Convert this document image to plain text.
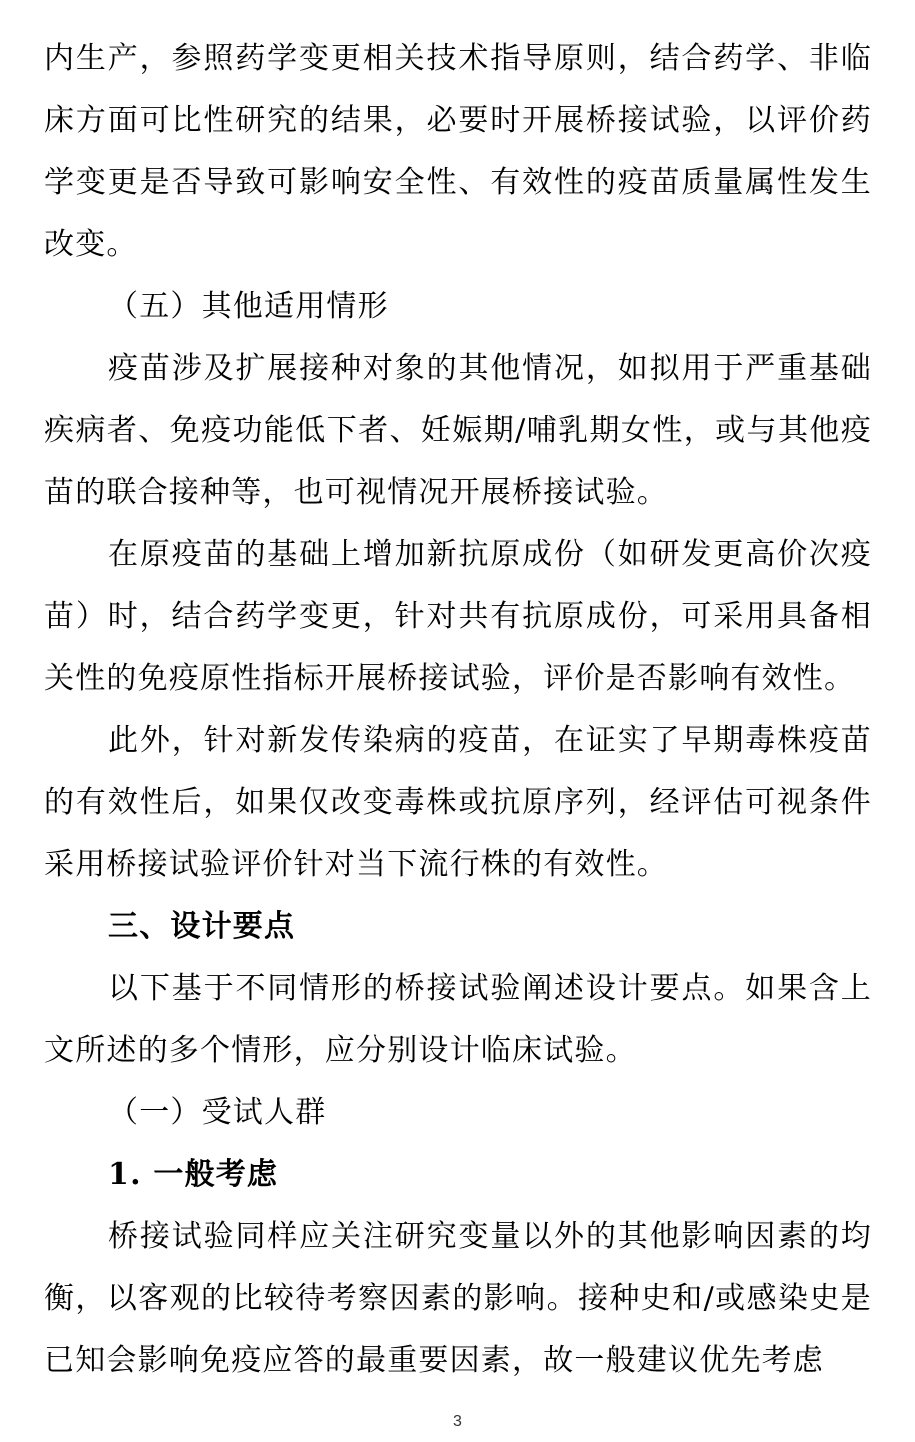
内生产，参照药学变更相关技术指导原则，结合药学、非临床方面可比性研究的结果，必要时开展桥接试验，以评价药学变更是否导致可影响安全性、有效性的疫苗质量属性发生改变。

（五）其他适用情形

疫苗涉及扩展接种对象的其他情况，如拟用于严重基础疾病者、免疫功能低下者、妊娠期/哺乳期女性，或与其他疫苗的联合接种等，也可视情况开展桥接试验。

在原疫苗的基础上增加新抗原成份（如研发更高价次疫苗）时，结合药学变更，针对共有抗原成份，可采用具备相关性的免疫原性指标开展桥接试验，评价是否影响有效性。

此外，针对新发传染病的疫苗，在证实了早期毒株疫苗的有效性后，如果仅改变毒株或抗原序列，经评估可视条件采用桥接试验评价针对当下流行株的有效性。

三、设计要点

以下基于不同情形的桥接试验阐述设计要点。如果含上文所述的多个情形，应分别设计临床试验。

（一）受试人群

1. 一般考虑

桥接试验同样应关注研究变量以外的其他影响因素的均衡，以客观的比较待考察因素的影响。接种史和/或感染史是已知会影响免疫应答的最重要因素，故一般建议优先考虑

3
